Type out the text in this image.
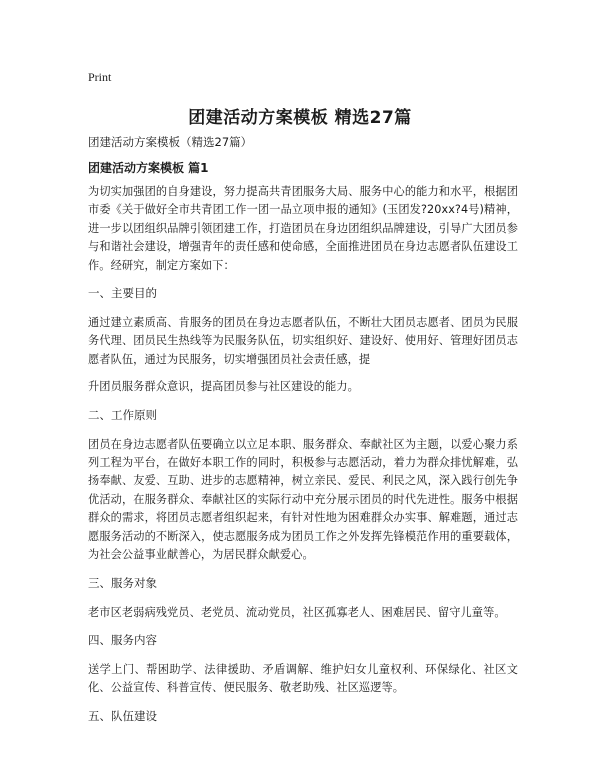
Print
团建活动方案模板 精选27篇

团建活动方案模板（精选27篇）

团建活动方案模板 篇1

为切实加强团的自身建设，努力提高共青团服务大局、服务中心的能力和水平，根据团市委《关于做好全市共青团工作一团一品立项申报的通知》(玉团发?20xx?4号)精神，进一步以团组织品牌引领团建工作，打造团员在身边团组织品牌建设，引导广大团员参与和谐社会建设，增强青年的责任感和使命感，全面推进团员在身边志愿者队伍建设工作。经研究，制定方案如下：

一、主要目的

通过建立素质高、肯服务的团员在身边志愿者队伍，不断壮大团员志愿者、团员为民服务代理、团员民生热线等为民服务队伍，切实组织好、建设好、使用好、管理好团员志愿者队伍，通过为民服务，切实增强团员社会责任感，提

升团员服务群众意识，提高团员参与社区建设的能力。

二、工作原则

团员在身边志愿者队伍要确立以立足本职、服务群众、奉献社区为主题，以爱心聚力系列工程为平台，在做好本职工作的同时，积极参与志愿活动，着力为群众排忧解难，弘扬奉献、友爱、互助、进步的志愿精神，树立亲民、爱民、利民之风，深入践行创先争优活动，在服务群众、奉献社区的实际行动中充分展示团员的时代先进性。服务中根据群众的需求，将团员志愿者组织起来，有针对性地为困难群众办实事、解难题，通过志愿服务活动的不断深入，使志愿服务成为团员工作之外发挥先锋模范作用的重要载体，为社会公益事业献善心，为居民群众献爱心。

三、服务对象

老市区老弱病残党员、老党员、流动党员，社区孤寡老人、困难居民、留守儿童等。

四、服务内容

送学上门、帮困助学、法律援助、矛盾调解、维护妇女儿童权利、环保绿化、社区文化、公益宣传、科普宣传、便民服务、敬老助残、社区巡逻等。

五、队伍建设
